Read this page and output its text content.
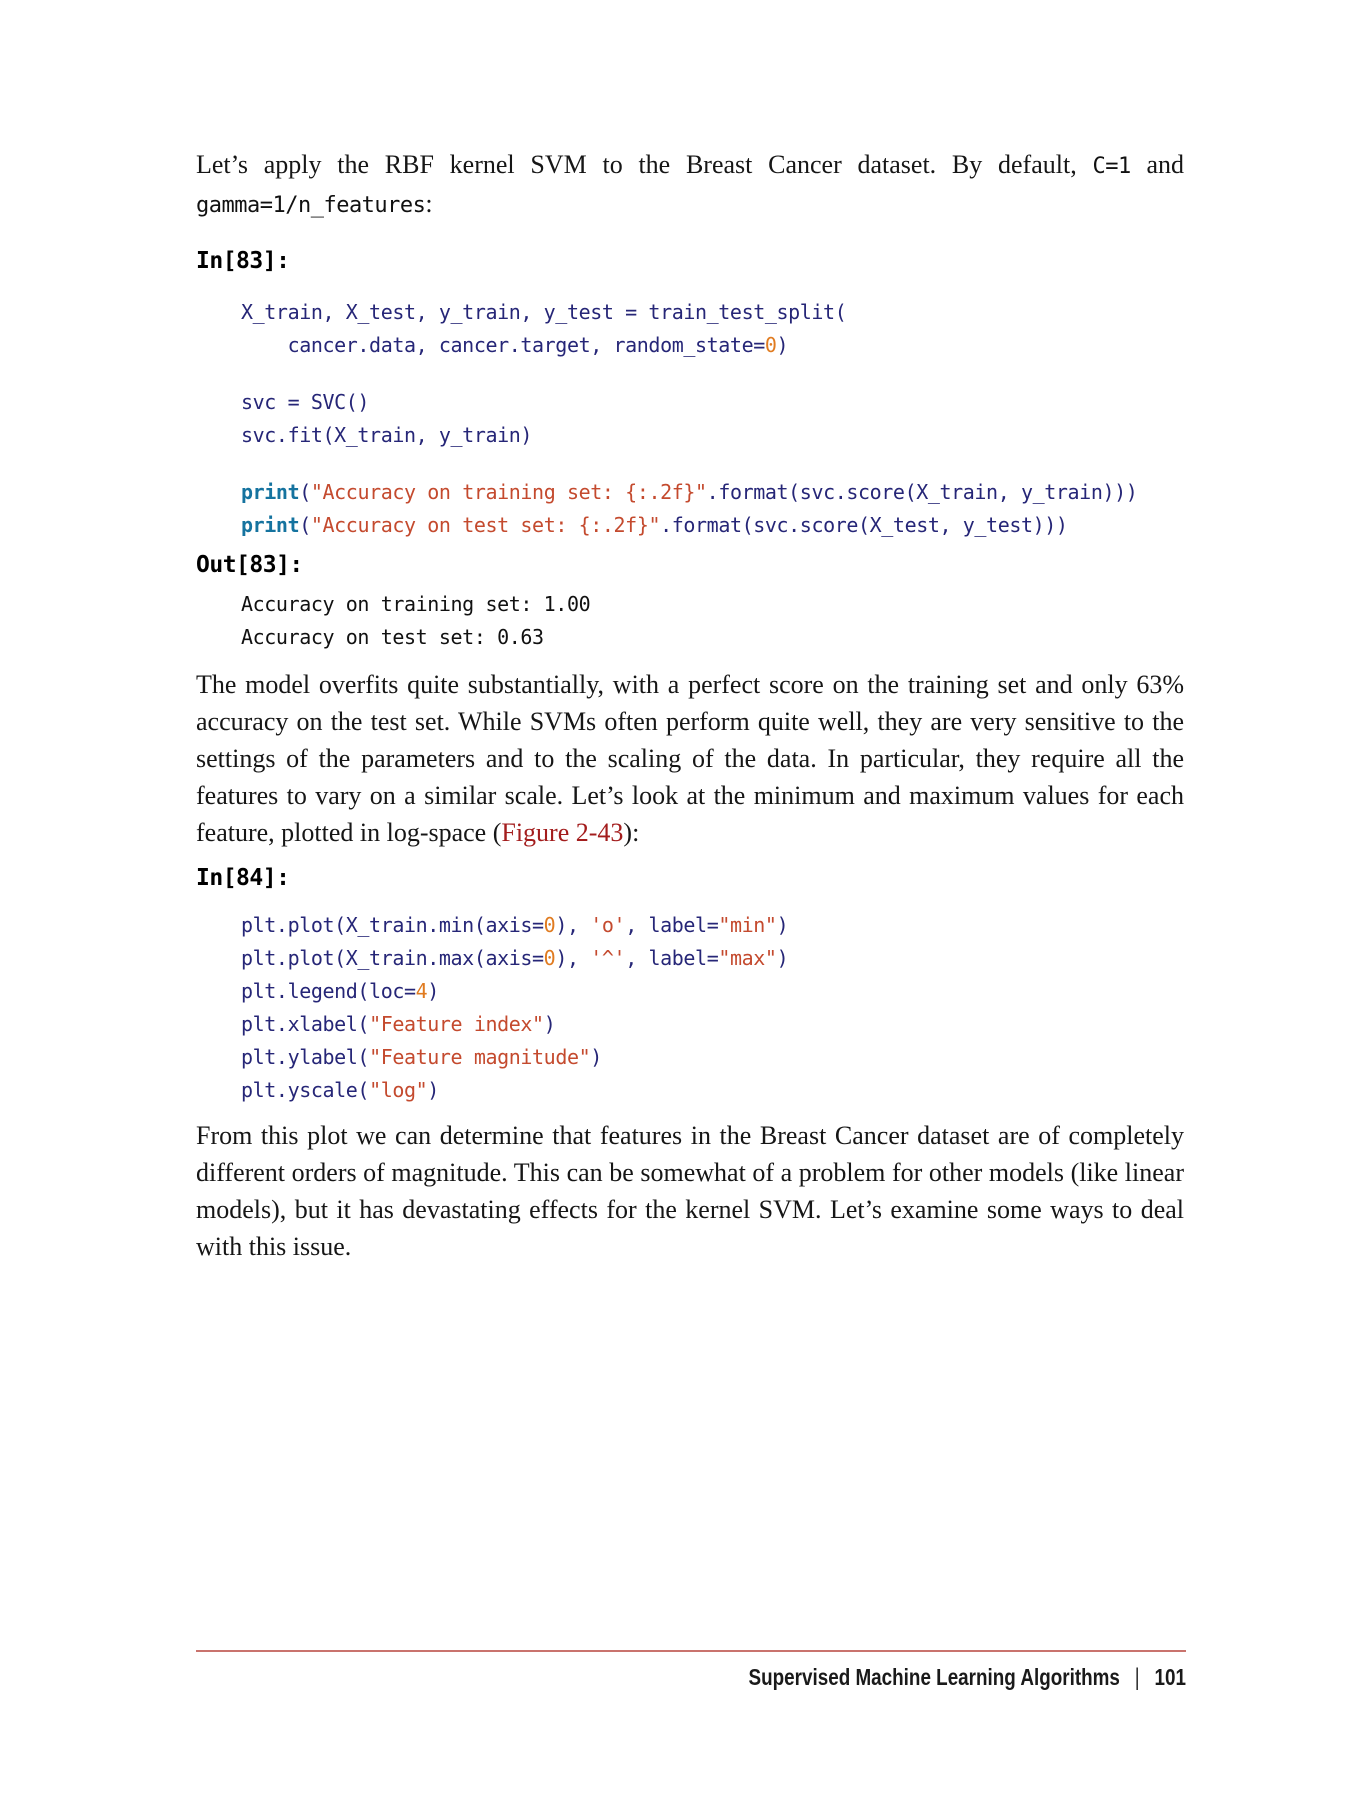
Let’s apply the RBF kernel SVM to the Breast Cancer dataset. By default, C=1 and gamma=1/n_features:
In[83]:
X_train, X_test, y_train, y_test = train_test_split(
cancer.data, cancer.target, random_state=0)
svc = SVC()
svc.fit(X_train, y_train)
print("Accuracy on training set: {:.2f}".format(svc.score(X_train, y_train)))
print("Accuracy on test set: {:.2f}".format(svc.score(X_test, y_test)))
Out[83]:
Accuracy on training set: 1.00
Accuracy on test set: 0.63
The model overfits quite substantially, with a perfect score on the training set and only 63% accuracy on the test set. While SVMs often perform quite well, they are very sensitive to the settings of the parameters and to the scaling of the data. In particular, they require all the features to vary on a similar scale. Let’s look at the minimum and maximum values for each feature, plotted in log-space (Figure 2-43):
In[84]:
plt.plot(X_train.min(axis=0), 'o', label="min")
plt.plot(X_train.max(axis=0), '^', label="max")
plt.legend(loc=4)
plt.xlabel("Feature index")
plt.ylabel("Feature magnitude")
plt.yscale("log")
From this plot we can determine that features in the Breast Cancer dataset are of completely different orders of magnitude. This can be somewhat of a problem for other models (like linear models), but it has devastating effects for the kernel SVM. Let’s examine some ways to deal with this issue.
Supervised Machine Learning Algorithms | 101
